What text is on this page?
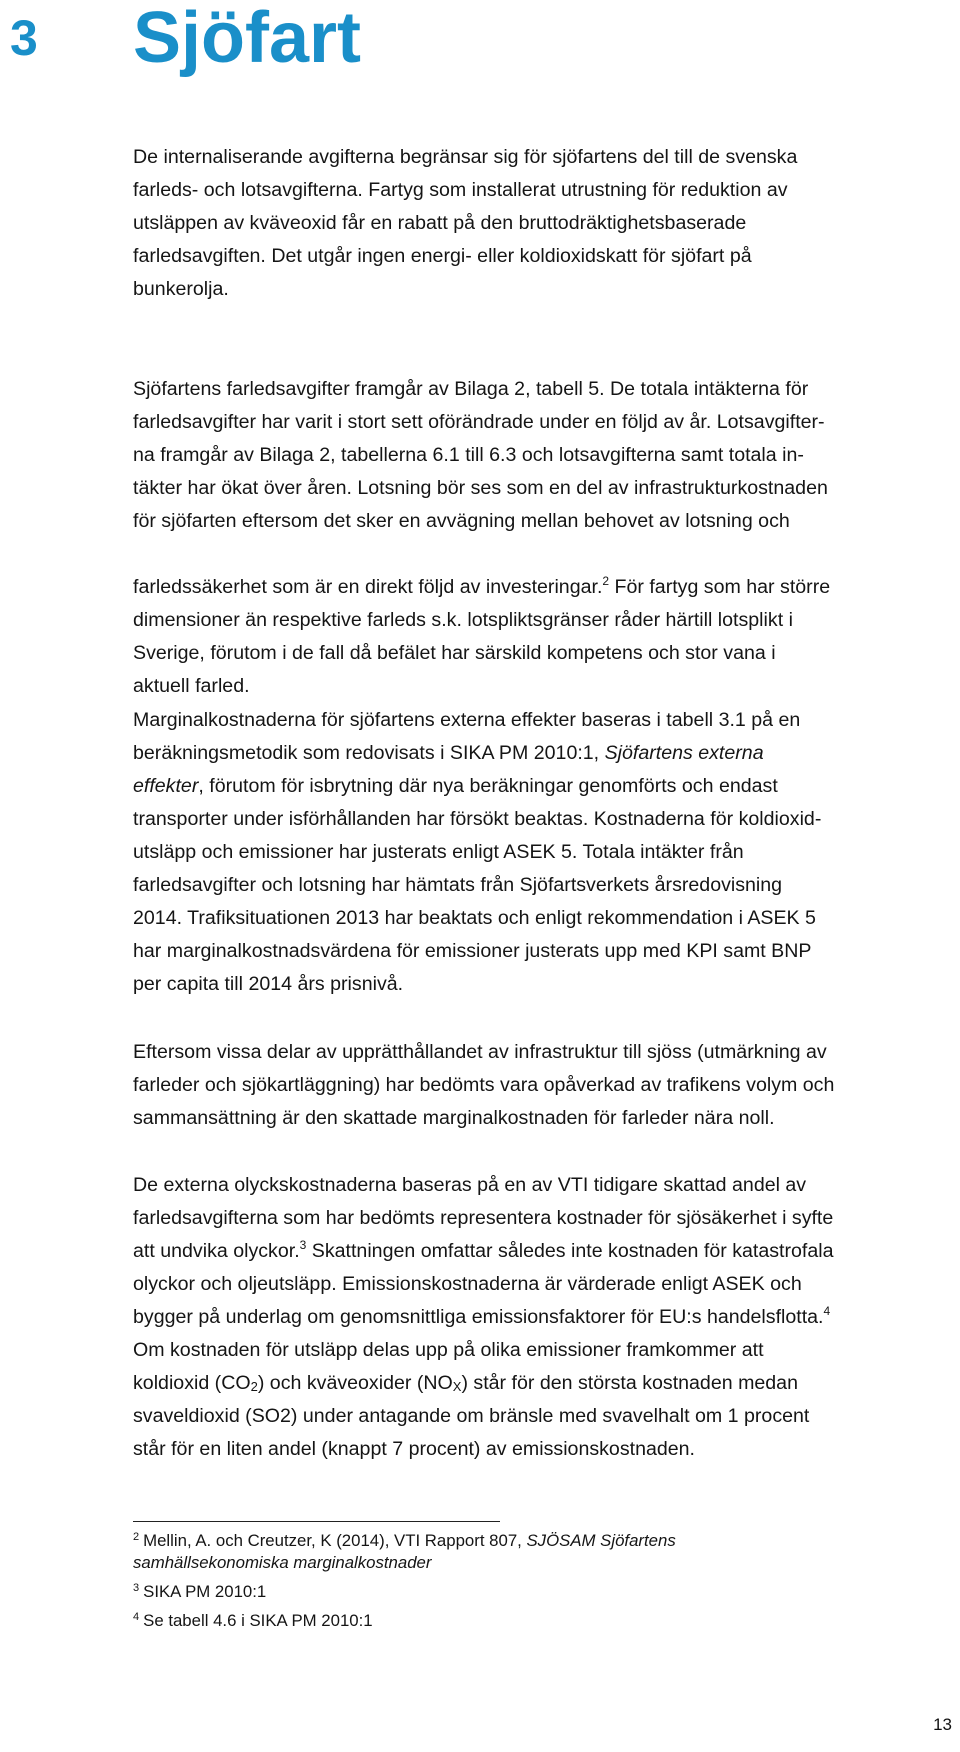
3 Sjöfart

De internaliserande avgifterna begränsar sig för sjöfartens del till de svenska
farleds- och lotsavgifterna. Fartyg som installerat utrustning för reduktion av
utsläppen av kväveoxid får en rabatt på den bruttodräktighetsbaserade
farledsavgiften. Det utgår ingen energi- eller koldioxidskatt för sjöfart på
bunkerolja.

Sjöfartens farledsavgifter framgår av Bilaga 2, tabell 5. De totala intäkterna för
farledsavgifter har varit i stort sett oförändrade under en följd av år. Lotsavgifter-
na framgår av Bilaga 2, tabellerna 6.1 till 6.3 och lotsavgifterna samt totala in-
täkter har ökat över åren. Lotsning bör ses som en del av infrastrukturkostnaden
för sjöfarten eftersom det sker en avvägning mellan behovet av lotsning och

farledssäkerhet som är en direkt följd av investeringar.$^2$ För fartyg som har större
dimensioner än respektive farleds s.k. lotspliktsgränser råder härtill lotsplikt i
Sverige, förutom i de fall då befälet har särskild kompetens och stor vana i
aktuell farled.

Marginalkostnaderna för sjöfartens externa effekter baseras i tabell 3.1 på en
beräkningsmetodik som redovisats i SIKA PM 2010:1, Sjöfartens externa
effekter, förutom för isbrytning där nya beräkningar genomförts och endast
transporter under isförhållanden har försökt beaktas. Kostnaderna för koldioxid-
utsläpp och emissioner har justerats enligt ASEK 5. Totala intäkter från
farledsavgifter och lotsning har hämtats från Sjöfartsverkets årsredovisning
2014. Trafiksituationen 2013 har beaktats och enligt rekommendation i ASEK 5
har marginalkostnadsvärdena för emissioner justerats upp med KPI samt BNP
per capita till 2014 års prisnivå.

Eftersom vissa delar av upprätthållandet av infrastruktur till sjöss (utmärkning av
farleder och sjökartläggning) har bedömts vara opåverkad av trafikens volym och
sammansättning är den skattade marginalkostnaden för farleder nära noll.

De externa olyckskostnaderna baseras på en av VTI tidigare skattad andel av
farledsavgifterna som har bedömts representera kostnader för sjösäkerhet i syfte
att undvika olyckor.$^3$ Skattningen omfattar således inte kostnaden för katastrofala
olyckor och oljeutsläpp. Emissionskostnaderna är värderade enligt ASEK och
bygger på underlag om genomsnittliga emissionsfaktorer för EU:s handelsflotta.$^4$
Om kostnaden för utsläpp delas upp på olika emissioner framkommer att
koldioxid $(CO_2)$ och kväveoxider $(NO_X)$ står för den största kostnaden medan
svaveldioxid (SO2) under antagande om bränsle med svavelhalt om 1 procent
står för en liten andel (knappt 7 procent) av emissionskostnaden.

$^2$ Mellin, A. och Creutzer, K (2014), VTI Rapport 807, SJÖSAM Sjöfartens
samhällsekonomiska marginalkostnader

$^3$ SIKA PM 2010:1

$^4$ Se tabell 4.6 i SIKA PM 2010:1

13
